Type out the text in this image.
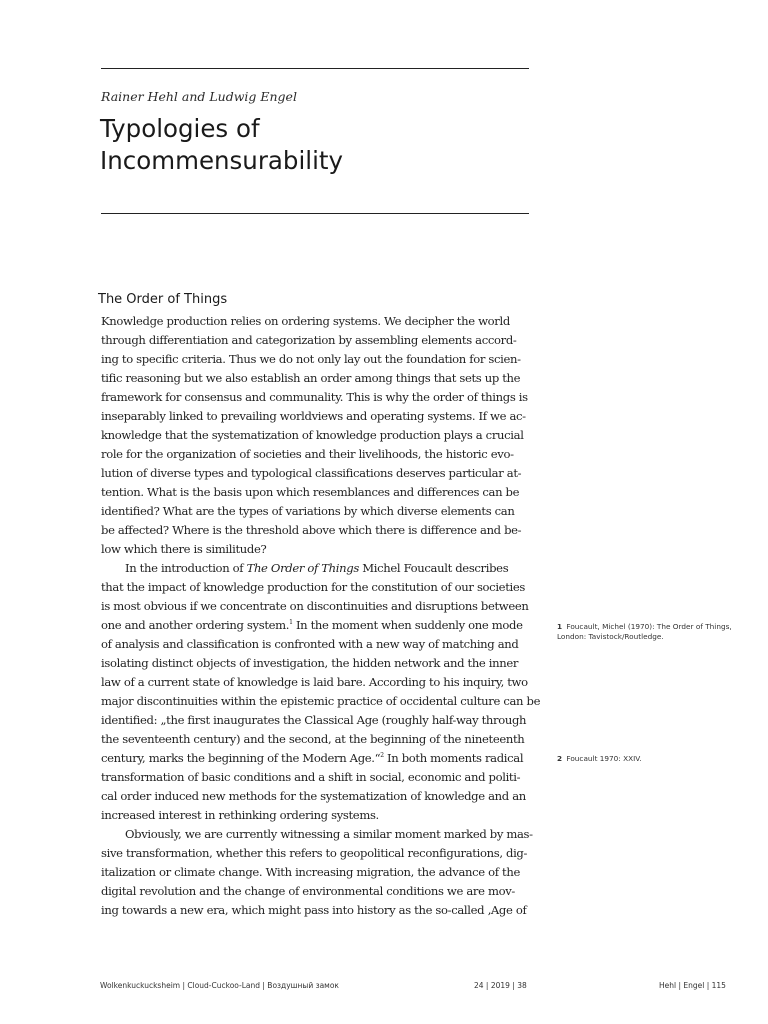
Rainer Hehl and Ludwig Engel
Typologies of
Incommensurability
The Order of Things
Knowledge production relies on ordering systems. We decipher the world
through differentiation and categorization by assembling elements accord-
ing to specific criteria. Thus we do not only lay out the foundation for scien-
tific reasoning but we also establish an order among things that sets up the
framework for consensus and communality. This is why the order of things is
inseparably linked to prevailing worldviews and operating systems. If we ac-
knowledge that the systematization of knowledge production plays a crucial
role for the organization of societies and their livelihoods, the historic evo-
lution of diverse types and typological classifications deserves particular at-
tention. What is the basis upon which resemblances and differences can be
identified? What are the types of variations by which diverse elements can
be affected? Where is the threshold above which there is difference and be-
low which there is similitude?
In the introduction of The Order of Things Michel Foucault describes
that the impact of knowledge production for the constitution of our societies
is most obvious if we concentrate on discontinuities and disruptions between
one and another ordering system.$^1$ In the moment when suddenly one mode
of analysis and classification is confronted with a new way of matching and
isolating distinct objects of investigation, the hidden network and the inner
law of a current state of knowledge is laid bare. According to his inquiry, two
major discontinuities within the epistemic practice of occidental culture can be
identified: „the first inaugurates the Classical Age (roughly half-way through
the seventeenth century) and the second, at the beginning of the nineteenth
century, marks the beginning of the Modern Age.“$^2$ In both moments radical
transformation of basic conditions and a shift in social, economic and politi-
cal order induced new methods for the systematization of knowledge and an
increased interest in rethinking ordering systems.
Obviously, we are currently witnessing a similar moment marked by mas-
sive transformation, whether this refers to geopolitical reconfigurations, dig-
italization or climate change. With increasing migration, the advance of the
digital revolution and the change of environmental conditions we are mov-
ing towards a new era, which might pass into history as the so-called ‚Age of
1 Foucault, Michel (1970): The Order of Things, London: Tavistock/Routledge.
2 Foucault 1970: XXIV.
Wolkenkuckucksheim | Cloud-Cuckoo-Land | Воздушный замок	24 | 2019 | 38	Hehl | Engel | 115
